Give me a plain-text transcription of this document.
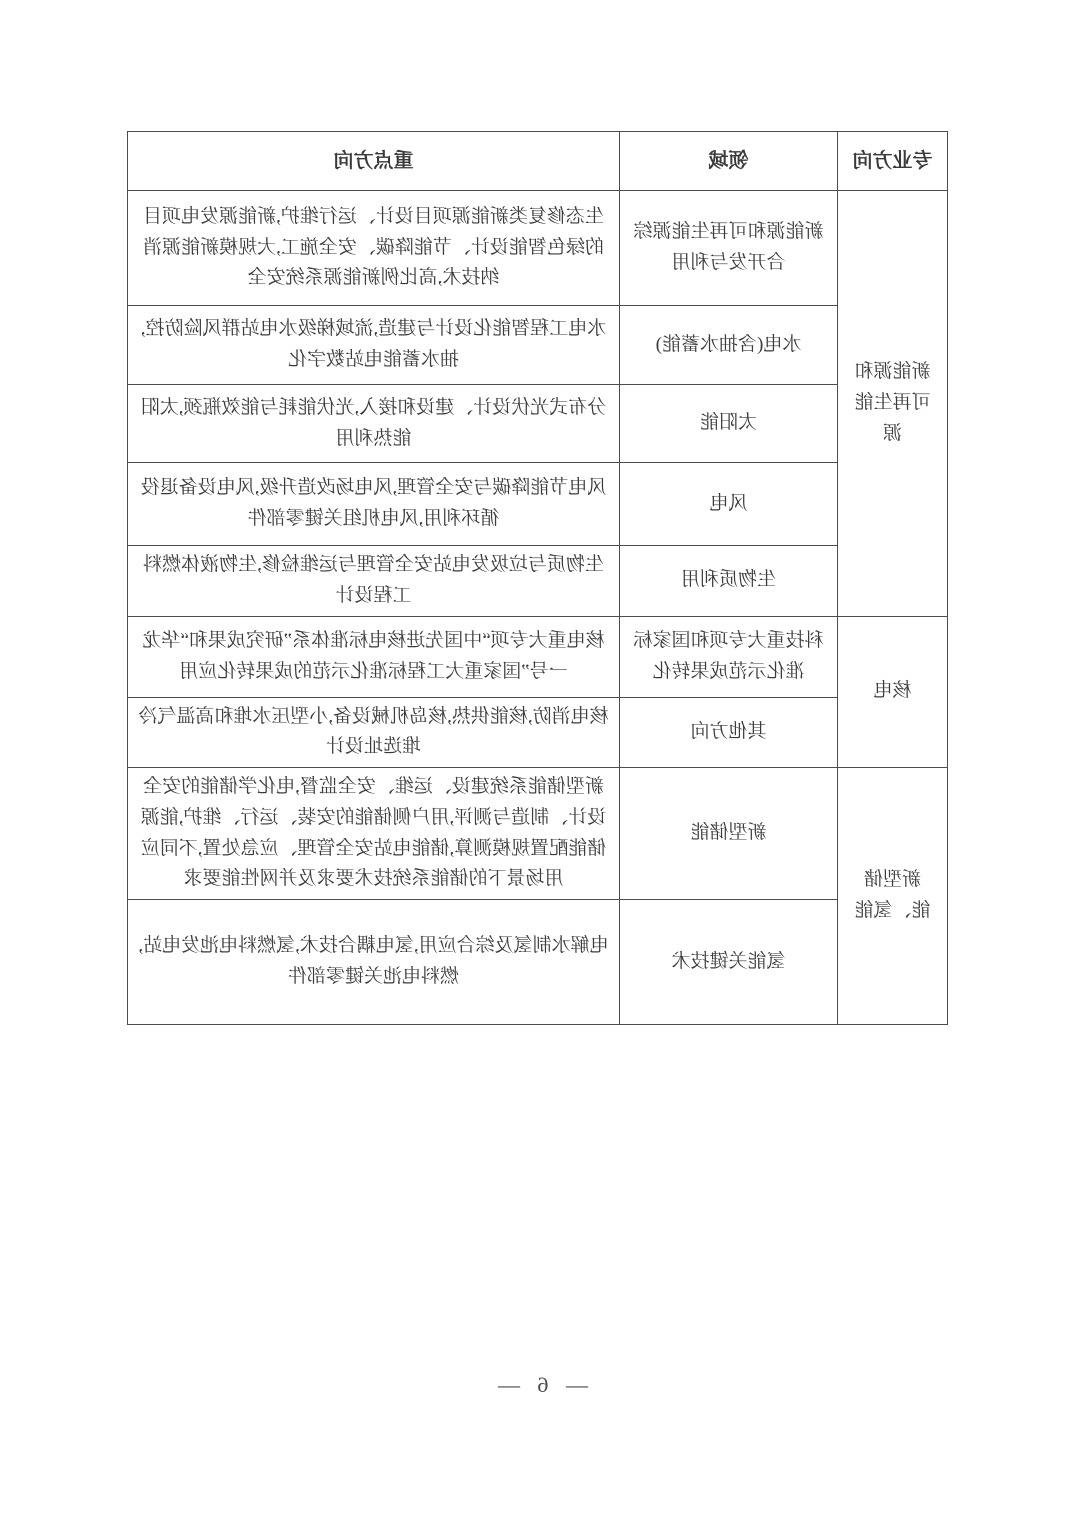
专业方向	领域	重点方向
新能源和可再生能源	新能源和可再生能源综合开发与利用	生态修复类新能源项目设计、运行维护,新能源发电项目的绿色智能设计、节能降碳、安全施工,大规模新能源消纳技术,高比例新能源系统安全
	水电(含抽水蓄能)	水电工程智能化设计与建造,流域梯级水电站群风险防控,抽水蓄能电站数字化
	太阳能	分布式光伏设计、建设和接入,光伏能耗与能效瓶颈,太阳能热利用
	风电	风电节能降碳与安全管理,风电场改造升级,风电设备退役循环利用,风电机组关键零部件
	生物质利用	生物质与垃圾发电站安全管理与运维检修,生物液体燃料工程设计
核电	科技重大专项和国家标准化示范成果转化	核电重大专项“中国先进核电标准体系”研究成果和“华龙一号”国家重大工程标准化示范的成果转化应用
	其他方向	核电消防,核能供热,核岛机械设备,小型压水堆和高温气冷堆选址设计
新型储能、氢能	新型储能	新型储能系统建设、运维、安全监督,电化学储能的安全设计、制造与测评,用户侧储能的安装、运行、维护,能源储能配置规模测算,储能电站安全管理、应急处置,不同应用场景下的储能系统技术要求及并网性能要求
	氢能关键技术	电解水制氢及综合应用,氢电耦合技术,氢燃料电池发电站,燃料电池关键零部件
— 6 —
